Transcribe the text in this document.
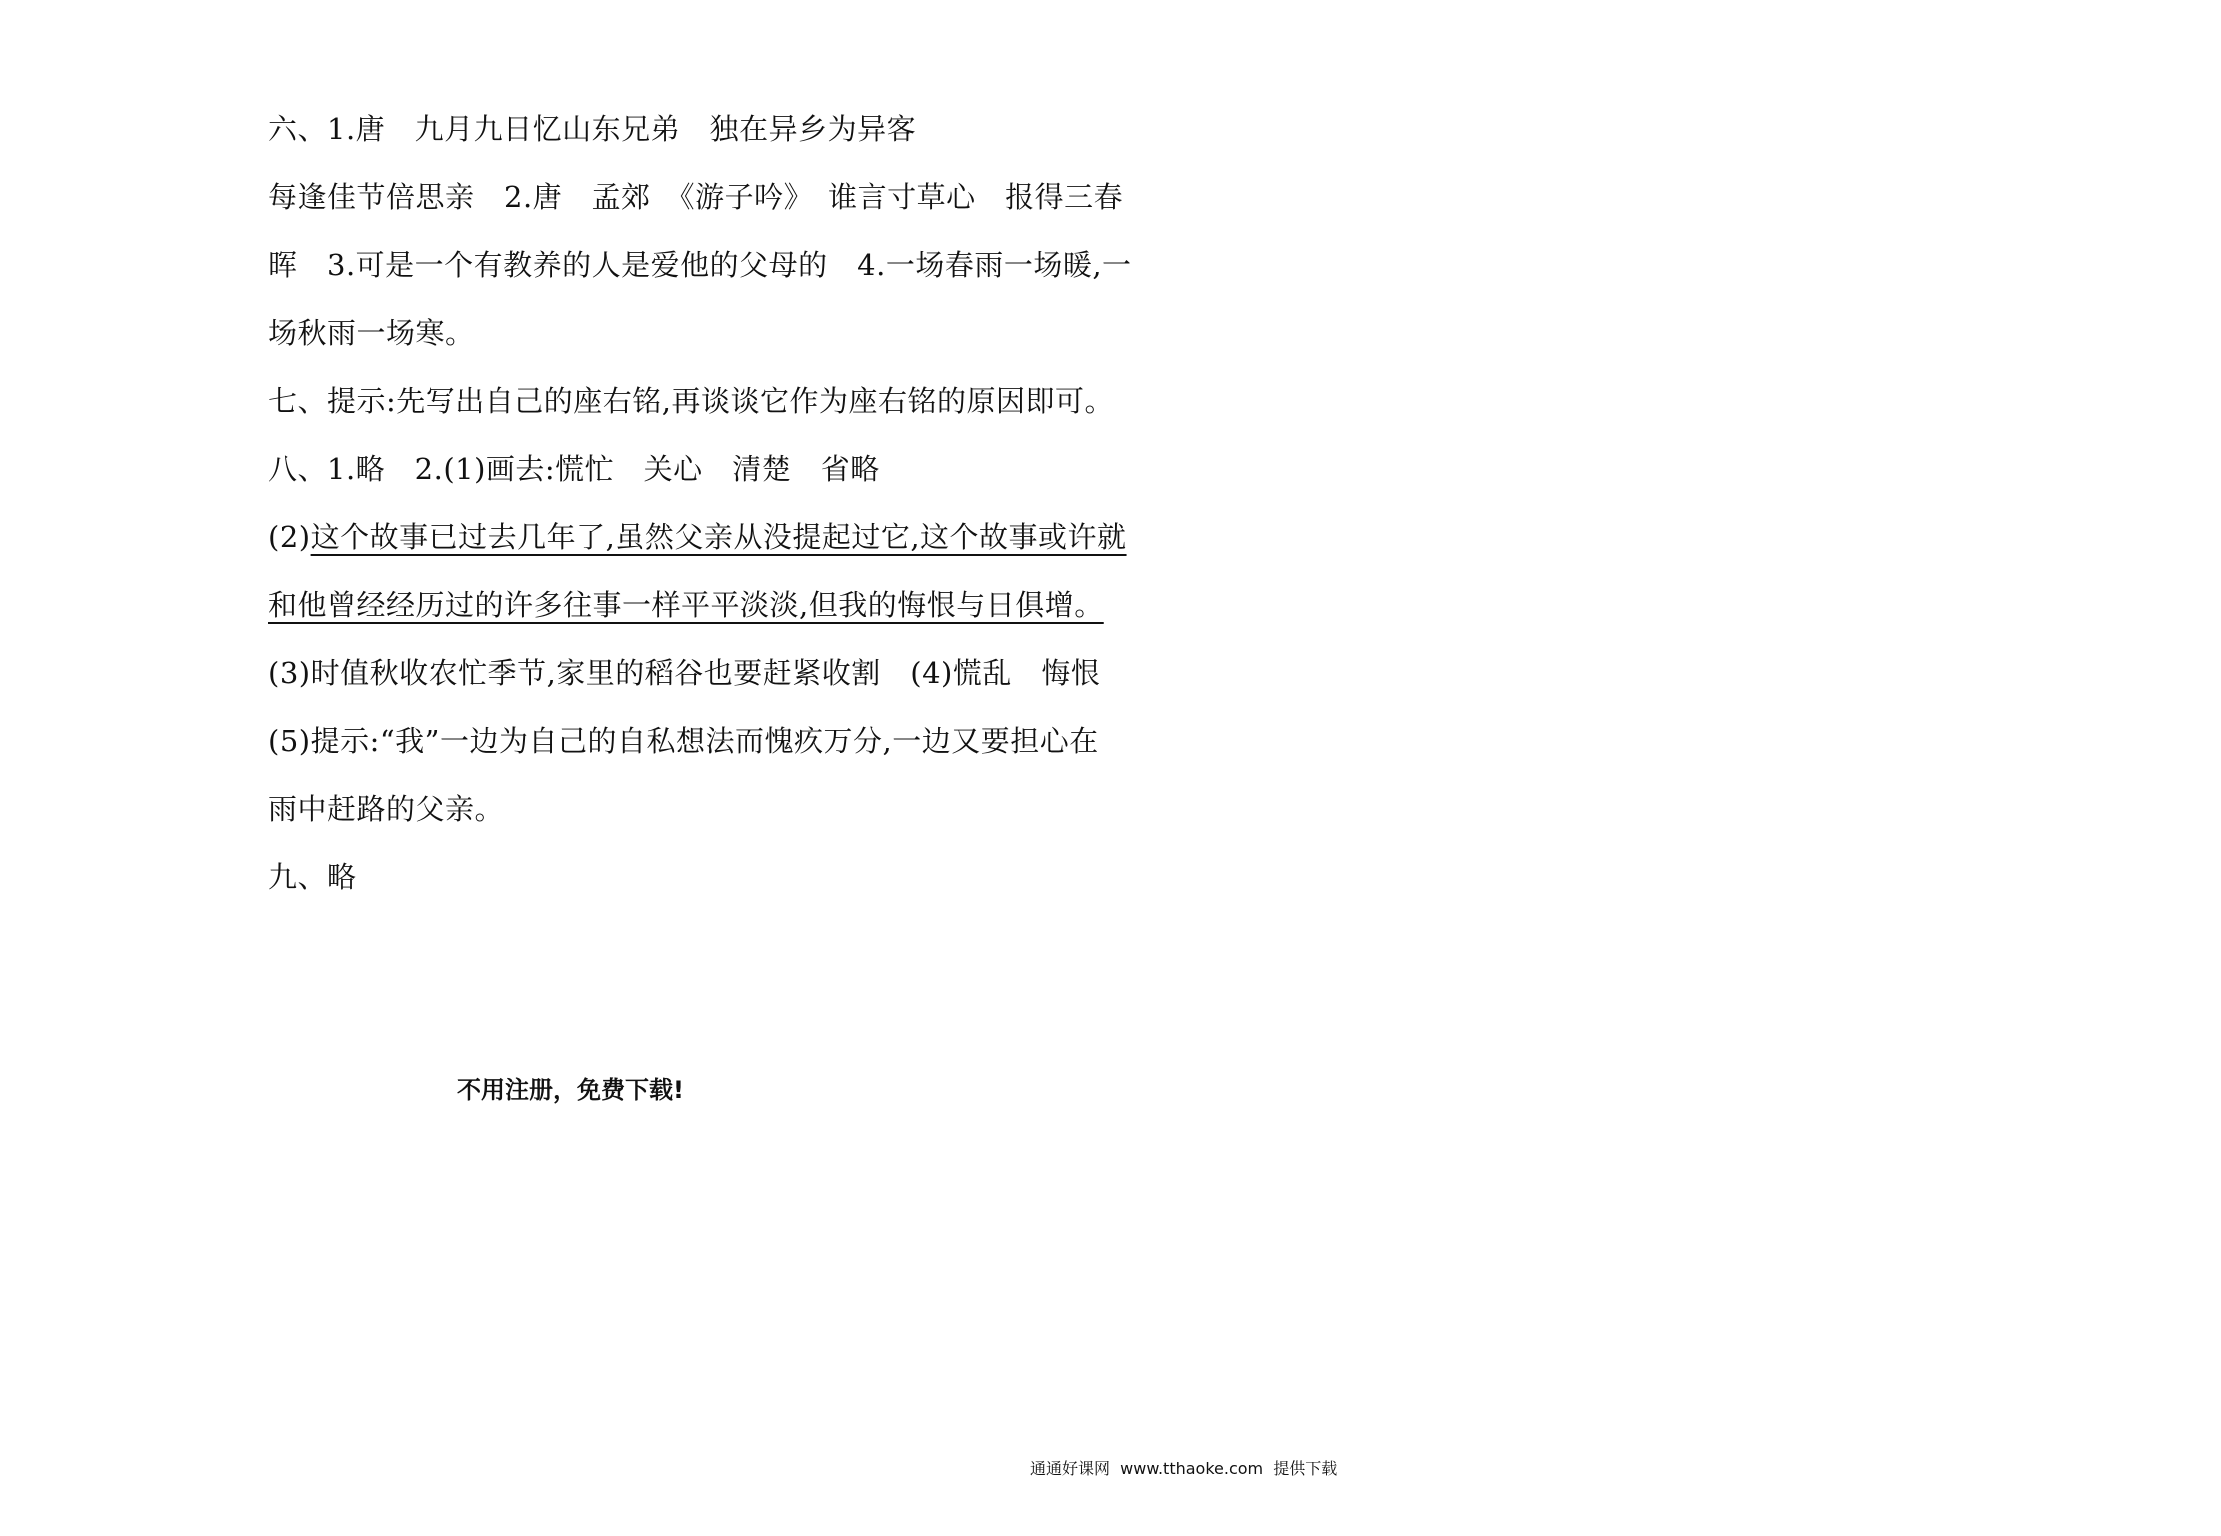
六、1.唐　九月九日忆山东兄弟　独在异乡为异客
每逢佳节倍思亲　2.唐　孟郊　《游子吟》　谁言寸草心　报得三春
晖　3.可是一个有教养的人是爱他的父母的　4.一场春雨一场暖,一
场秋雨一场寒。
七、提示:先写出自己的座右铭,再谈谈它作为座右铭的原因即可。
八、1.略　2.(1)画去:慌忙　关心　清楚　省略
(2)这个故事已过去几年了,虽然父亲从没提起过它,这个故事或许就
和他曾经经历过的许多往事一样平平淡淡,但我的悔恨与日俱增。
(3)时值秋收农忙季节,家里的稻谷也要赶紧收割　(4)慌乱　悔恨
(5)提示:“我”一边为自己的自私想法而愧疚万分,一边又要担心在
雨中赶路的父亲。
九、略
不用注册，免费下载!
通通好课网  www.tthaoke.com  提供下载
